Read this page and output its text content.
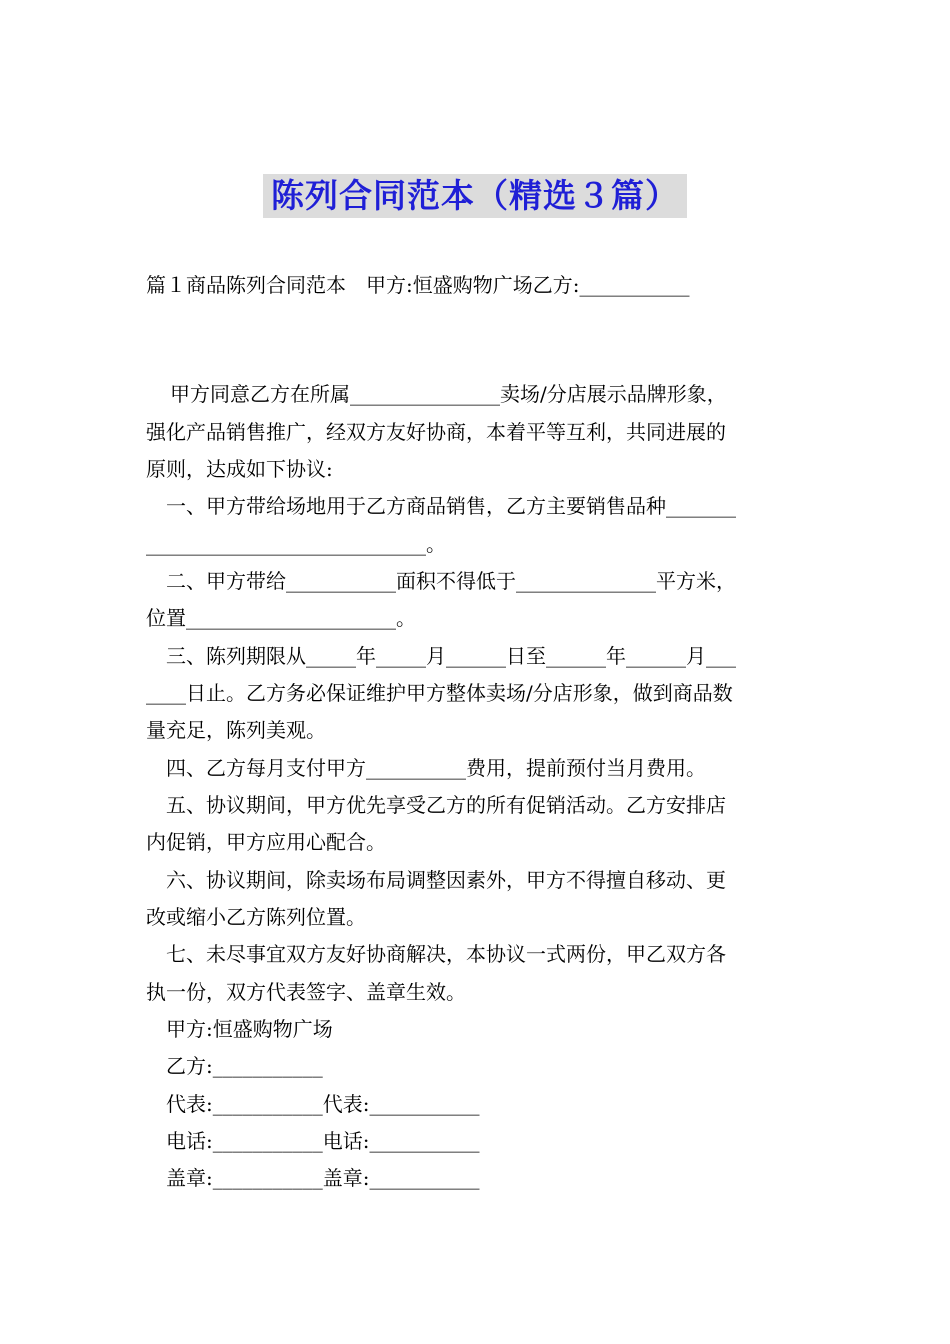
陈列合同范本（精选３篇）
篇１商品陈列合同范本　甲方:恒盛购物广场乙方:___________
甲方同意乙方在所属_______________卖场/分店展示品牌形象，
强化产品销售推广，经双方友好协商，本着平等互利，共同进展的
原则，达成如下协议:
一、甲方带给场地用于乙方商品销售，乙方主要销售品种_______
____________________________。
二、甲方带给___________面积不得低于______________平方米，
位置_____________________。
三、陈列期限从_____年_____月______日至______年______月___
____日止。乙方务必保证维护甲方整体卖场/分店形象，做到商品数
量充足，陈列美观。
四、乙方每月支付甲方__________费用，提前预付当月费用。
五、协议期间，甲方优先享受乙方的所有促销活动。乙方安排店
内促销，甲方应用心配合。
六、协议期间，除卖场布局调整因素外，甲方不得擅自移动、更
改或缩小乙方陈列位置。
七、未尽事宜双方友好协商解决，本协议一式两份，甲乙双方各
执一份，双方代表签字、盖章生效。
甲方:恒盛购物广场
乙方:___________
代表:___________代表:___________
电话:___________电话:___________
盖章:___________盖章:___________
